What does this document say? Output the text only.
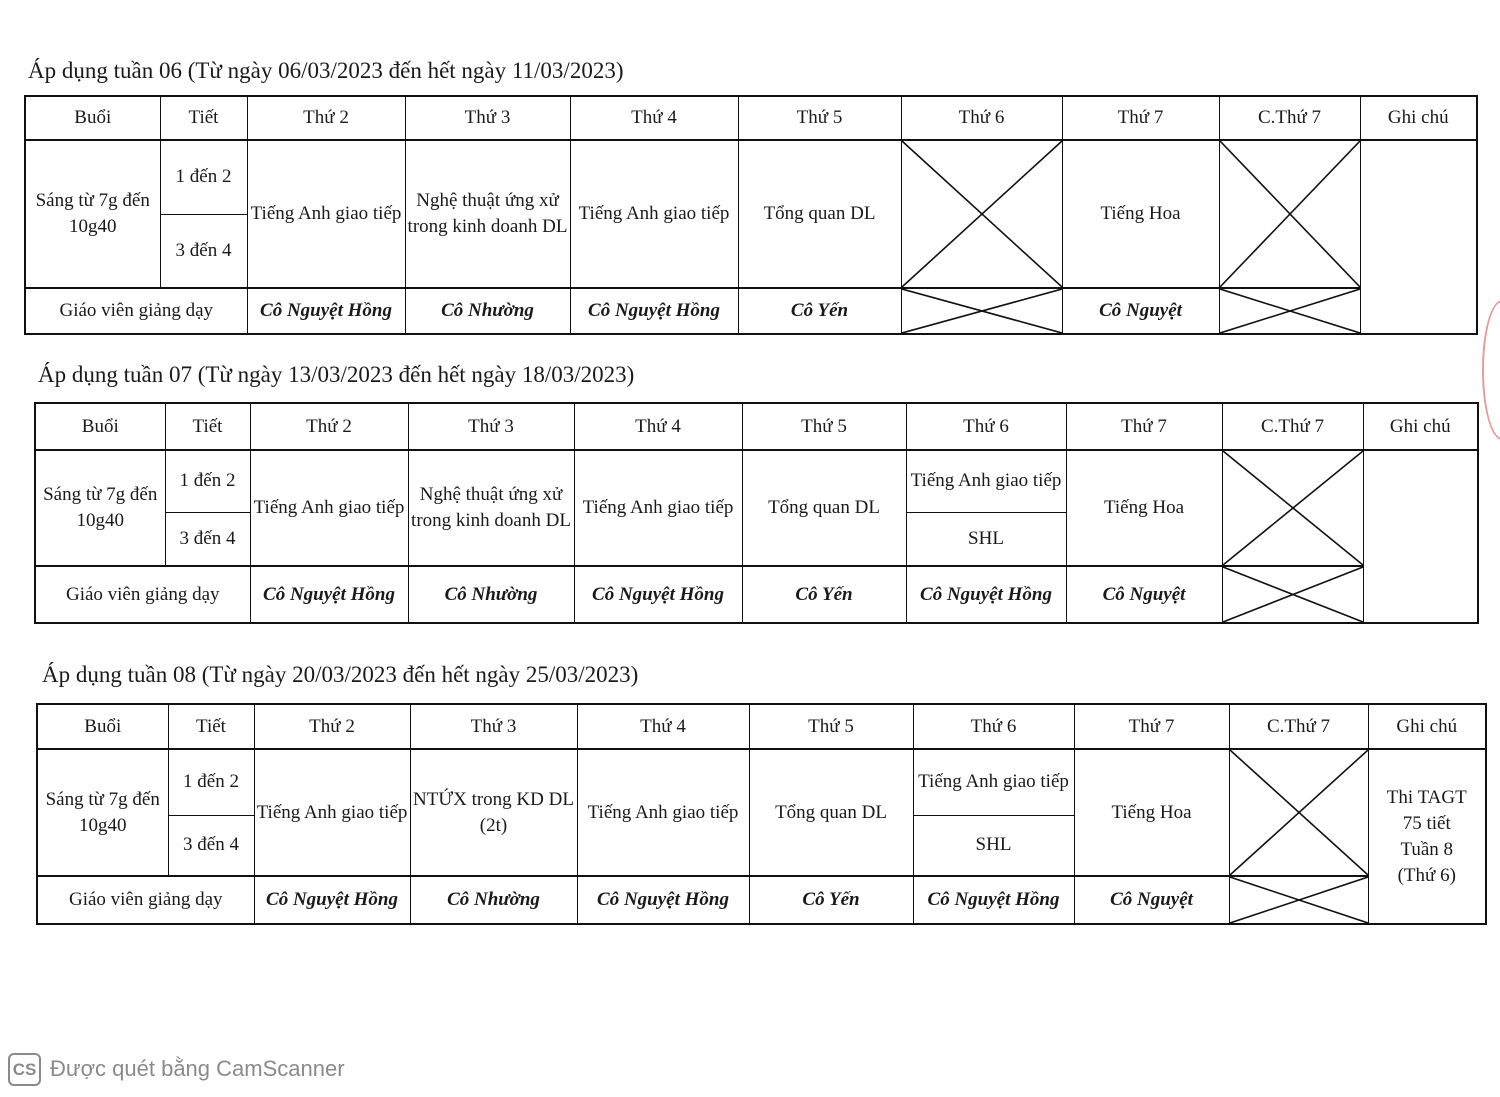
Áp dụng tuần 06 (Từ ngày 06/03/2023 đến hết ngày 11/03/2023)
Buổi	Tiết	Thứ 2	Thứ 3	Thứ 4	Thứ 5	Thứ 6	Thứ 7	C.Thứ 7	Ghi chú
Sáng từ 7g đến 10g40	1 đến 2	Tiếng Anh giao tiếp	Nghệ thuật ứng xử trong kinh doanh DL	Tiếng Anh giao tiếp	Tổng quan DL		Tiếng Hoa	

	3 đến 4								
Giáo viên giảng dạy		Cô Nguyệt Hồng	Cô Nhường	Cô Nguyệt Hồng	Cô Yến		Cô Nguyệt	
Áp dụng tuần 07 (Từ ngày 13/03/2023 đến hết ngày 18/03/2023)
Buổi	Tiết	Thứ 2	Thứ 3	Thứ 4	Thứ 5	Thứ 6	Thứ 7	C.Thứ 7	Ghi chú
Sáng từ 7g đến 10g40	1 đến 2	Tiếng Anh giao tiếp	Nghệ thuật ứng xử trong kinh doanh DL	Tiếng Anh giao tiếp	Tổng quan DL	Tiếng Anh giao tiếp	Tiếng Hoa	

	3 đến 4					SHL			
Giáo viên giảng dạy		Cô Nguyệt Hồng	Cô Nhường	Cô Nguyệt Hồng	Cô Yến	Cô Nguyệt Hồng	Cô Nguyệt	
Áp dụng tuần 08 (Từ ngày 20/03/2023 đến hết ngày 25/03/2023)
Buổi	Tiết	Thứ 2	Thứ 3	Thứ 4	Thứ 5	Thứ 6	Thứ 7	C.Thứ 7	Ghi chú
Sáng từ 7g đến 10g40	1 đến 2	Tiếng Anh giao tiếp	NTỨX trong KD DL (2t)	Tiếng Anh giao tiếp	Tổng quan DL	Tiếng Anh giao tiếp	Tiếng Hoa		Thi TAGT 75 tiết Tuần 8 (Thứ 6)
	3 đến 4					SHL			
Giáo viên giảng dạy		Cô Nguyệt Hồng	Cô Nhường	Cô Nguyệt Hồng	Cô Yến	Cô Nguyệt Hồng	Cô Nguyệt	
CS Được quét bằng CamScanner
